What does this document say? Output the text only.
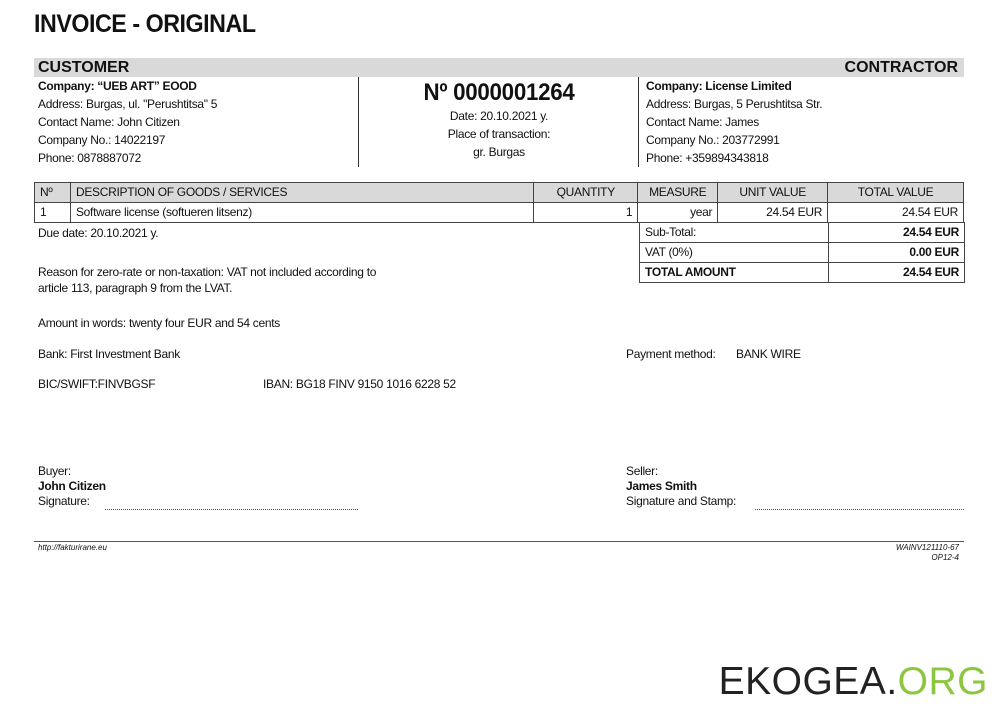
INVOICE - ORIGINAL
CUSTOMER	CONTRACTOR
Company: “UEB ART” EOOD
Address: Burgas, ul. "Perushtitsa" 5
Contact Name: John Citizen
Company No.: 14022197
Phone: 0878887072
Nº 0000001264
Date: 20.10.2021 y.
Place of transaction:
gr. Burgas
Company: License Limited
Address: Burgas, 5 Perushtitsa Str.
Contact Name: James
Company No.: 203772991
Phone: +359894343818
Nº	DESCRIPTION OF GOODS / SERVICES	QUANTITY	MEASURE	UNIT VALUE	TOTAL VALUE
1	Software license (softueren litsenz)	1	year	24.54 EUR	24.54 EUR
Sub-Total:	24.54 EUR
VAT (0%)	0.00 EUR
TOTAL AMOUNT	24.54 EUR
Due date: 20.10.2021 y.
Reason for zero-rate or non-taxation: VAT not included according to
article 113, paragraph 9 from the LVAT.
Amount in words: twenty four EUR and 54 cents
Bank: First Investment Bank	Payment method: BANK WIRE
BIC/SWIFT:FINVBGSF	IBAN: BG18 FINV 9150 1016 6228 52
Buyer:
John Citizen
Signature:
Seller:
James Smith
Signature and Stamp:
http://fakturirane.eu	WAINV121110-67
OP12-4
EKOGEA.ORG
